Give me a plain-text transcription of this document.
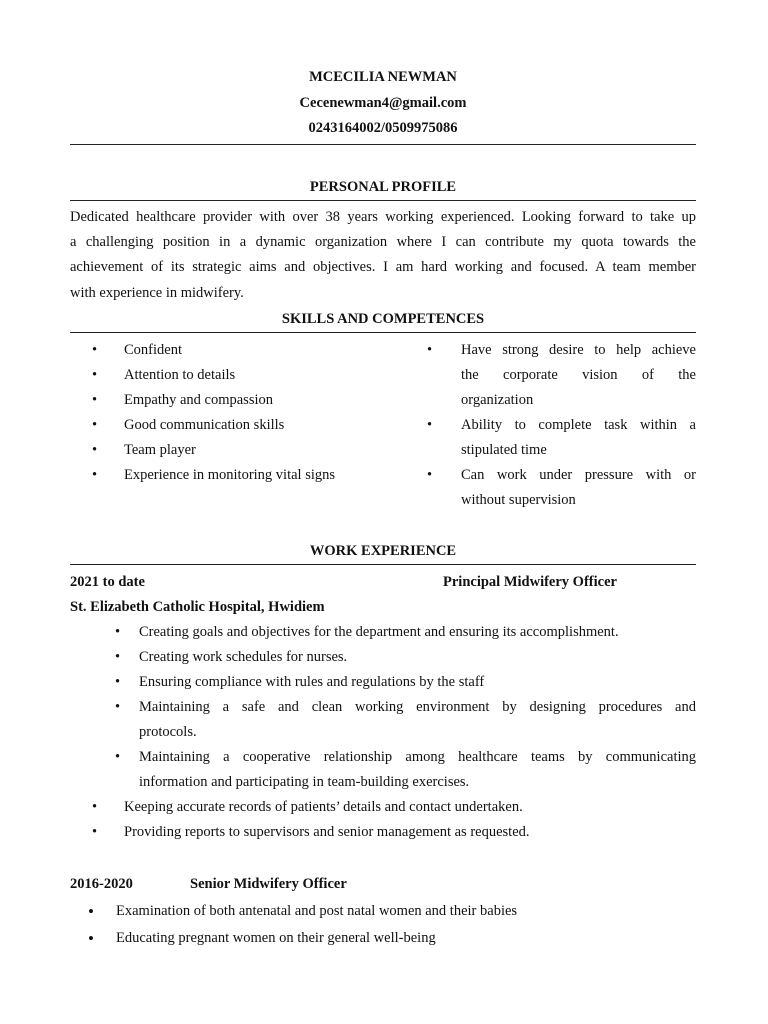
MCECILIA NEWMAN
Cecenewman4@gmail.com
0243164002/0509975086
PERSONAL PROFILE
Dedicated healthcare provider with over 38 years working experienced. Looking forward to take up
a challenging position in a dynamic organization where I can contribute my quota towards the
achievement of its strategic aims and objectives. I am hard working and focused. A team member
with experience in midwifery.
SKILLS AND COMPETENCES
• Confident
• Attention to details
• Empathy and compassion
• Good communication skills
• Team player
• Experience in monitoring vital signs
• Have strong desire to help achieve
the corporate vision of the
organization
• Ability to complete task within a
stipulated time
• Can work under pressure with or
without supervision
WORK EXPERIENCE
2021 to date	Principal Midwifery Officer
St. Elizabeth Catholic Hospital, Hwidiem
• Creating goals and objectives for the department and ensuring its accomplishment.
• Creating work schedules for nurses.
• Ensuring compliance with rules and regulations by the staff
• Maintaining a safe and clean working environment by designing procedures and
protocols.
• Maintaining a cooperative relationship among healthcare teams by communicating
information and participating in team-building exercises.
• Keeping accurate records of patients’ details and contact undertaken.
• Providing reports to supervisors and senior management as requested.
2016-2020	Senior Midwifery Officer
• Examination of both antenatal and post natal women and their babies
• Educating pregnant women on their general well-being
